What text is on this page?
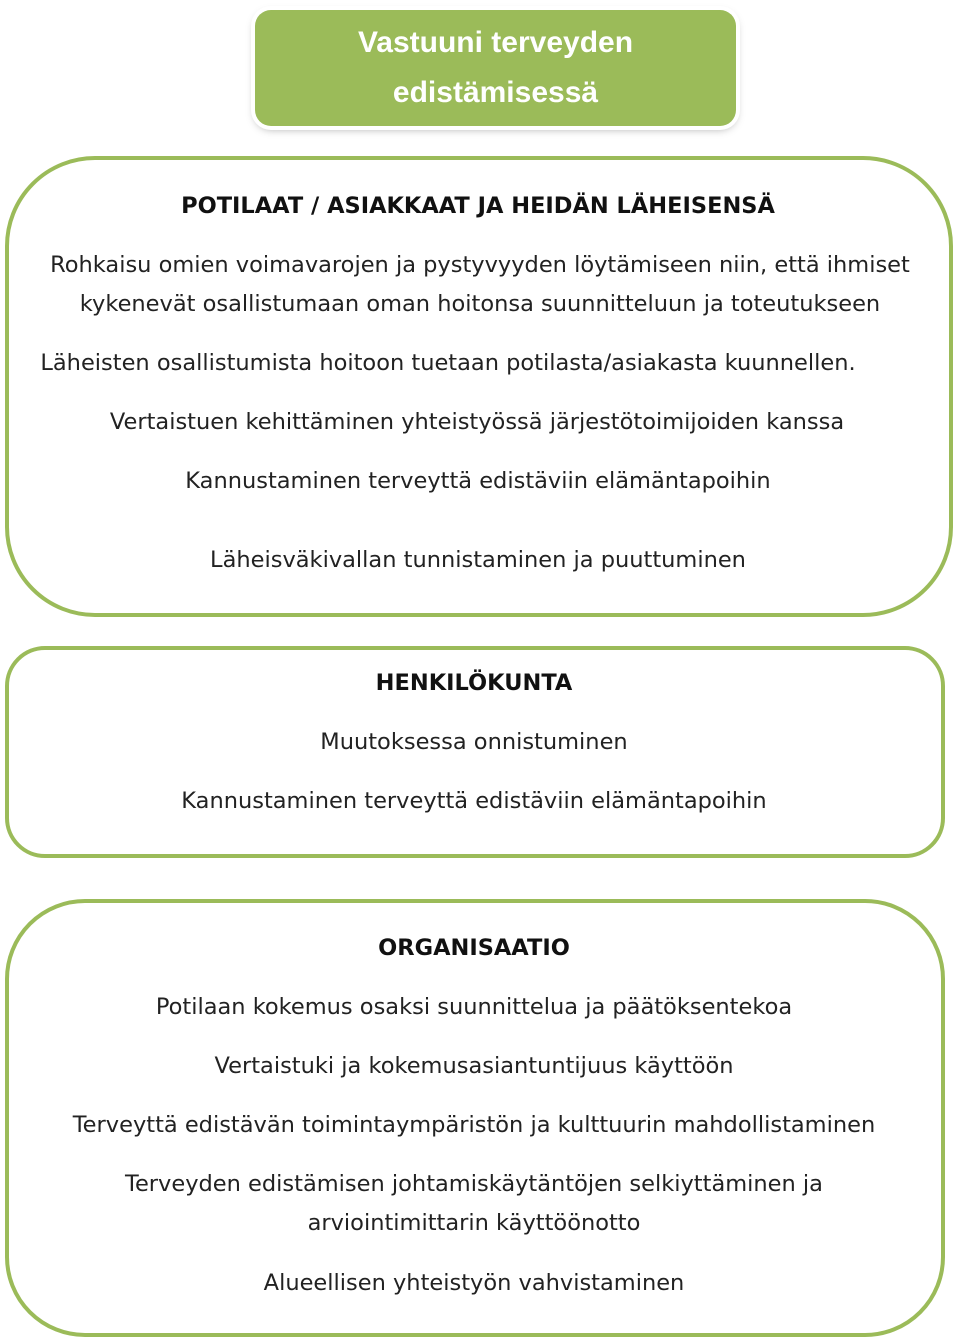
Vastuuni terveyden
edistämisessä
POTILAAT / ASIAKKAAT JA HEIDÄN LÄHEISENSÄ
Rohkaisu omien voimavarojen ja pystyvyyden löytämiseen niin, että ihmiset
kykenevät osallistumaan oman hoitonsa suunnitteluun ja toteutukseen
Läheisten osallistumista hoitoon tuetaan potilasta/asiakasta kuunnellen.
Vertaistuen kehittäminen yhteistyössä järjestötoimijoiden kanssa
Kannustaminen terveyttä edistäviin elämäntapoihin
Läheisväkivallan tunnistaminen ja puuttuminen
HENKILÖKUNTA
Muutoksessa onnistuminen
Kannustaminen terveyttä edistäviin elämäntapoihin
ORGANISAATIO
Potilaan kokemus osaksi suunnittelua ja päätöksentekoa
Vertaistuki ja kokemusasiantuntijuus käyttöön
Terveyttä edistävän toimintaympäristön ja kulttuurin mahdollistaminen
Terveyden edistämisen johtamiskäytäntöjen selkiyttäminen ja
arviointimittarin käyttöönotto
Alueellisen yhteistyön vahvistaminen
